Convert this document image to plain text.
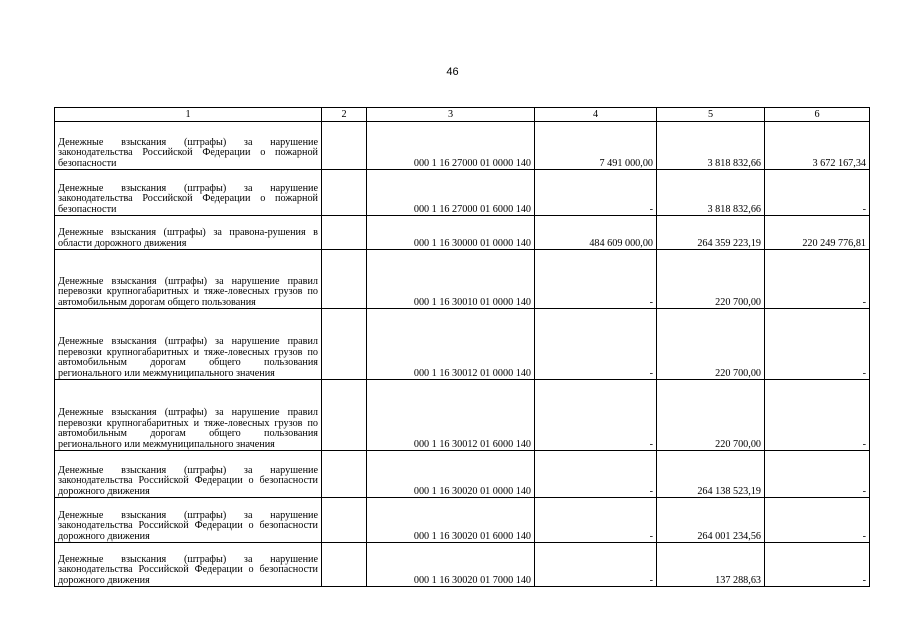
46
1	2	3	4	5	6
Денежные взыскания (штрафы) за нарушение законодательства Российской Федерации о пожарной безопасности		000 1 16 27000 01 0000 140	7 491 000,00	3 818 832,66	3 672 167,34
Денежные взыскания (штрафы) за нарушение законодательства Российской Федерации о пожарной безопасности		000 1 16 27000 01 6000 140	-	3 818 832,66	-
Денежные взыскания (штрафы) за правона-рушения в области дорожного движения		000 1 16 30000 01 0000 140	484 609 000,00	264 359 223,19	220 249 776,81
Денежные взыскания (штрафы) за нарушение правил перевозки крупногабаритных и тяже-ловесных грузов по автомобильным дорогам общего пользования		000 1 16 30010 01 0000 140	-	220 700,00	-
Денежные взыскания (штрафы) за нарушение правил перевозки крупногабаритных и тяже-ловесных грузов по автомобильным дорогам общего пользования регионального или межмуниципального значения		000 1 16 30012 01 0000 140	-	220 700,00	-
Денежные взыскания (штрафы) за нарушение правил перевозки крупногабаритных и тяже-ловесных грузов по автомобильным дорогам общего пользования регионального или межмуниципального значения		000 1 16 30012 01 6000 140	-	220 700,00	-
Денежные взыскания (штрафы) за нарушение законодательства Российской Федерации о безопасности дорожного движения		000 1 16 30020 01 0000 140	-	264 138 523,19	-
Денежные взыскания (штрафы) за нарушение законодательства Российской Федерации о безопасности дорожного движения		000 1 16 30020 01 6000 140	-	264 001 234,56	-
Денежные взыскания (штрафы) за нарушение законодательства Российской Федерации о безопасности дорожного движения		000 1 16 30020 01 7000 140	-	137 288,63	-
